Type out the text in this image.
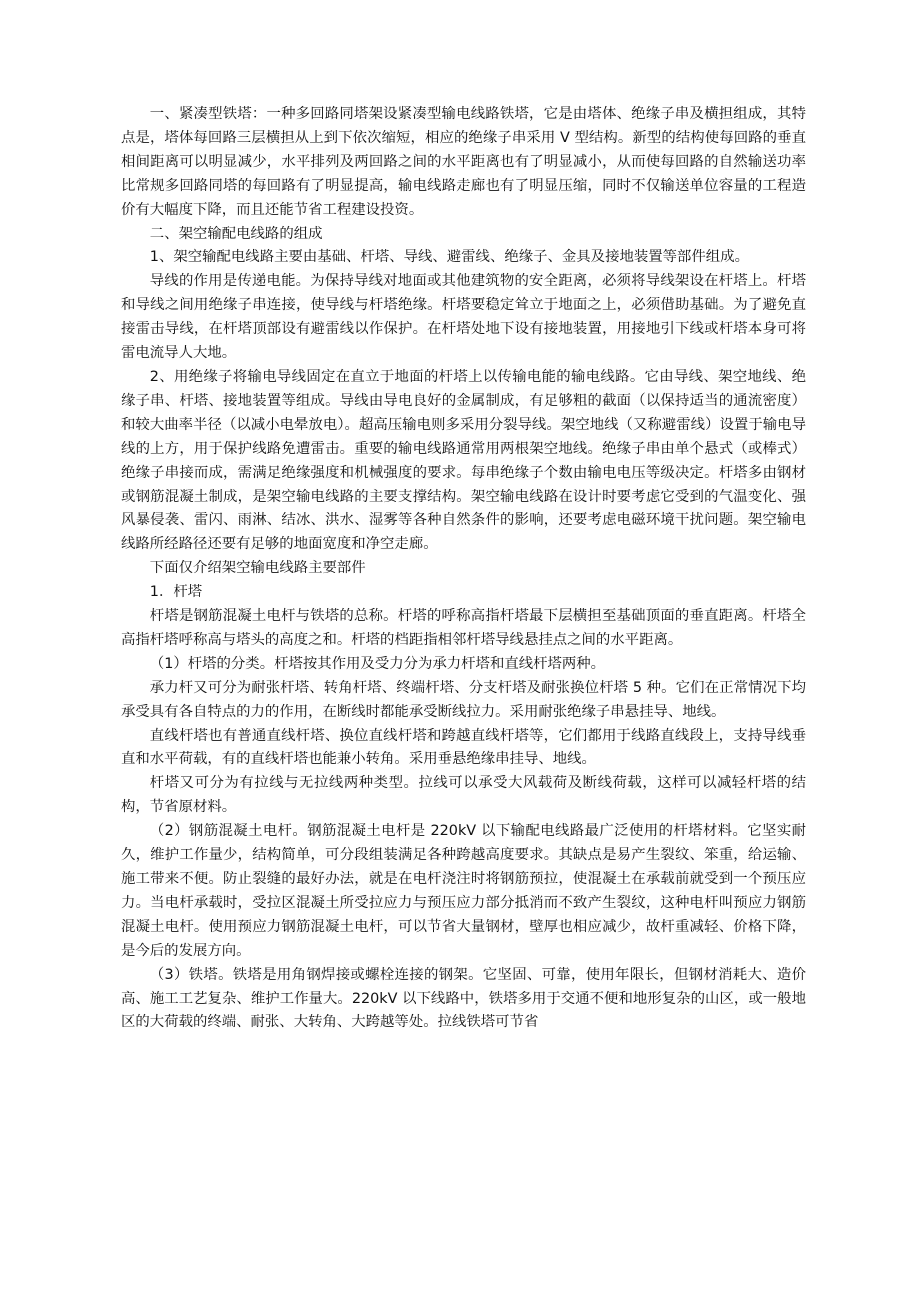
一、紧凑型铁塔：一种多回路同塔架设紧凑型输电线路铁塔，它是由塔体、绝缘子串及横担组成，其特点是，塔体每回路三层横担从上到下依次缩短，相应的绝缘子串采用 V 型结构。新型的结构使每回路的垂直相间距离可以明显减少，水平排列及两回路之间的水平距离也有了明显减小，从而使每回路的自然输送功率比常规多回路同塔的每回路有了明显提高，输电线路走廊也有了明显压缩，同时不仅输送单位容量的工程造价有大幅度下降，而且还能节省工程建设投资。

二、架空输配电线路的组成

1、架空输配电线路主要由基础、杆塔、导线、避雷线、绝缘子、金具及接地装置等部件组成。

导线的作用是传递电能。为保持导线对地面或其他建筑物的安全距离，必须将导线架设在杆塔上。杆塔和导线之间用绝缘子串连接，使导线与杆塔绝缘。杆塔要稳定耸立于地面之上，必须借助基础。为了避免直接雷击导线，在杆塔顶部设有避雷线以作保护。在杆塔处地下设有接地装置，用接地引下线或杆塔本身可将雷电流导人大地。

2、用绝缘子将输电导线固定在直立于地面的杆塔上以传输电能的输电线路。它由导线、架空地线、绝缘子串、杆塔、接地装置等组成。导线由导电良好的金属制成，有足够粗的截面（以保持适当的通流密度）和较大曲率半径（以减小电晕放电）。超高压输电则多采用分裂导线。架空地线（又称避雷线）设置于输电导线的上方，用于保护线路免遭雷击。重要的输电线路通常用两根架空地线。绝缘子串由单个悬式（或棒式）绝缘子串接而成，需满足绝缘强度和机械强度的要求。每串绝缘子个数由输电电压等级决定。杆塔多由钢材或钢筋混凝土制成，是架空输电线路的主要支撑结构。架空输电线路在设计时要考虑它受到的气温变化、强风暴侵袭、雷闪、雨淋、结冰、洪水、湿雾等各种自然条件的影响，还要考虑电磁环境干扰问题。架空输电线路所经路径还要有足够的地面宽度和净空走廊。

下面仅介绍架空输电线路主要部件

1．杆塔

杆塔是钢筋混凝土电杆与铁塔的总称。杆塔的呼称高指杆塔最下层横担至基础顶面的垂直距离。杆塔全高指杆塔呼称高与塔头的高度之和。杆塔的档距指相邻杆塔导线悬挂点之间的水平距离。

（1）杆塔的分类。杆塔按其作用及受力分为承力杆塔和直线杆塔两种。

承力杆又可分为耐张杆塔、转角杆塔、终端杆塔、分支杆塔及耐张换位杆塔 5 种。它们在正常情况下均承受具有各自特点的力的作用，在断线时都能承受断线拉力。采用耐张绝缘子串悬挂导、地线。

直线杆塔也有普通直线杆塔、换位直线杆塔和跨越直线杆塔等，它们都用于线路直线段上，支持导线垂直和水平荷载，有的直线杆塔也能兼小转角。采用垂悬绝缘串挂导、地线。

杆塔又可分为有拉线与无拉线两种类型。拉线可以承受大风载荷及断线荷载，这样可以减轻杆塔的结构，节省原材料。

（2）钢筋混凝土电杆。钢筋混凝土电杆是 220kV 以下输配电线路最广泛使用的杆塔材料。它坚实耐久，维护工作量少，结构简单，可分段组装满足各种跨越高度要求。其缺点是易产生裂纹、笨重，给运输、施工带来不便。防止裂缝的最好办法，就是在电杆浇注时将钢筋预拉，使混凝土在承载前就受到一个预压应力。当电杆承载时，受拉区混凝土所受拉应力与预压应力部分抵消而不致产生裂纹，这种电杆叫预应力钢筋混凝土电杆。使用预应力钢筋混凝土电杆，可以节省大量钢材，壁厚也相应减少，故杆重减轻、价格下降，是今后的发展方向。

（3）铁塔。铁塔是用角钢焊接或螺栓连接的钢架。它坚固、可靠，使用年限长，但钢材消耗大、造价高、施工工艺复杂、维护工作量大。220kV 以下线路中，铁塔多用于交通不便和地形复杂的山区，或一般地区的大荷载的终端、耐张、大转角、大跨越等处。拉线铁塔可节省
